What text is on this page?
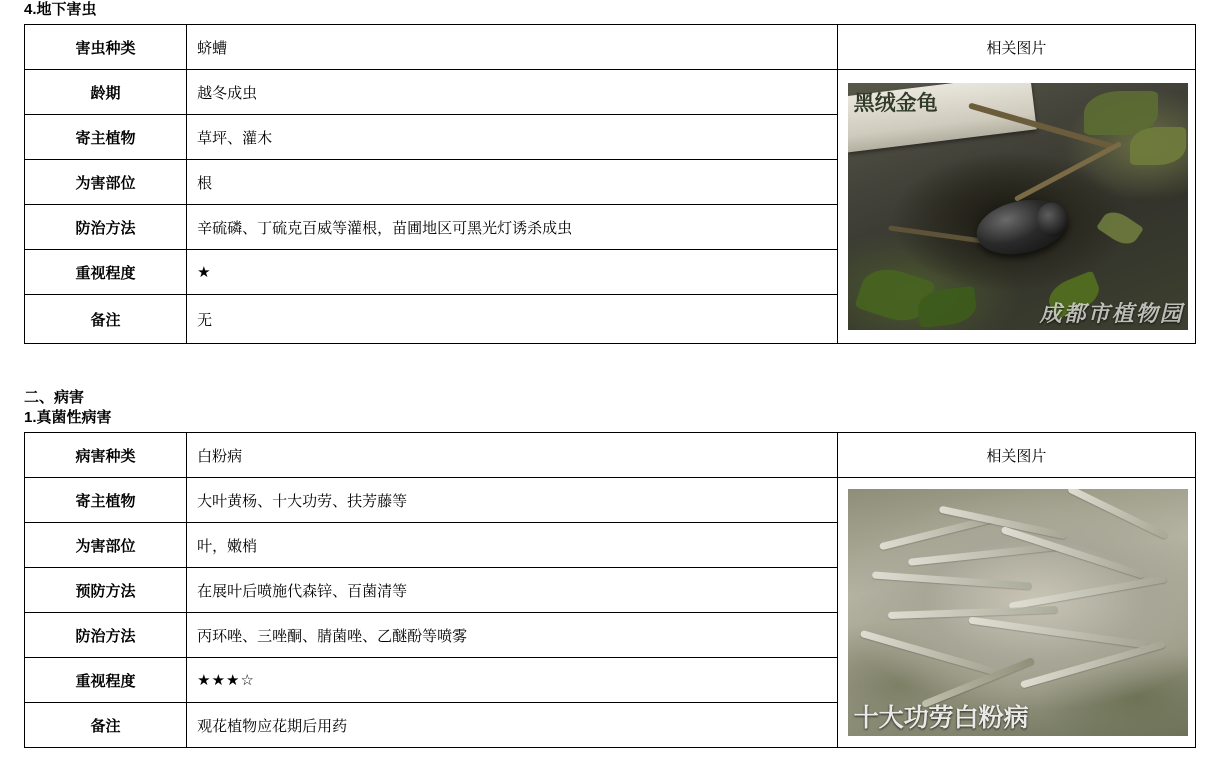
4.地下害虫
害虫种类	蛴螬	相关图片
龄期	越冬成虫	黑绒金龟
成都市植物园

寄主植物	草坪、灌木	
为害部位	根	
防治方法	辛硫磷、丁硫克百威等灌根，苗圃地区可黑光灯诱杀成虫	
重视程度	★	
备注	无	
二、病害
1.真菌性病害
病害种类	白粉病	相关图片
寄主植物	大叶黄杨、十大功劳、扶芳藤等	十大功劳白粉病

为害部位	叶，嫩梢	
预防方法	在展叶后喷施代森锌、百菌清等	
防治方法	丙环唑、三唑酮、腈菌唑、乙醚酚等喷雾	
重视程度	★★★☆	
备注	观花植物应花期后用药	
